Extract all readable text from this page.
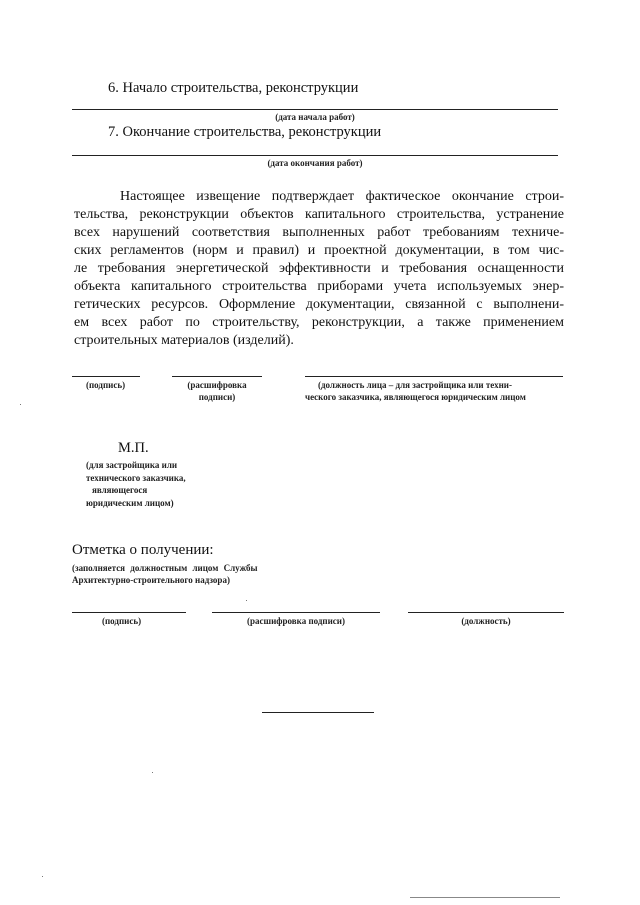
6. Начало строительства, реконструкции
(дата начала работ)
7. Окончание строительства, реконструкции
(дата окончания работ)

Настоящее извещение подтверждает фактическое окончание строи-
тельства, реконструкции объектов капитального строительства, устранение
всех нарушений соответствия выполненных работ требованиям техниче-
ских регламентов (норм и правил) и проектной документации, в том чис-
ле требования энергетической эффективности и требования оснащенности
объекта капитального строительства приборами учета используемых энер-
гетических ресурсов. Оформление документации, связанной с выполнени-
ем всех работ по строительству, реконструкции, а также применением
строительных материалов (изделий).

(подпись)	(расшифровка
подписи)
(должность лица – для застройщика или техни-
ческого заказчика, являющегося юридическим лицом
М.П.
(для застройщика или
технического заказчика,
являющегося
юридическим лицом)
Отметка о получении:
(заполняется должностным лицом Службы
Архитектурно-строительного надзора)
(подпись)	(расшифровка подписи)	(должность)
